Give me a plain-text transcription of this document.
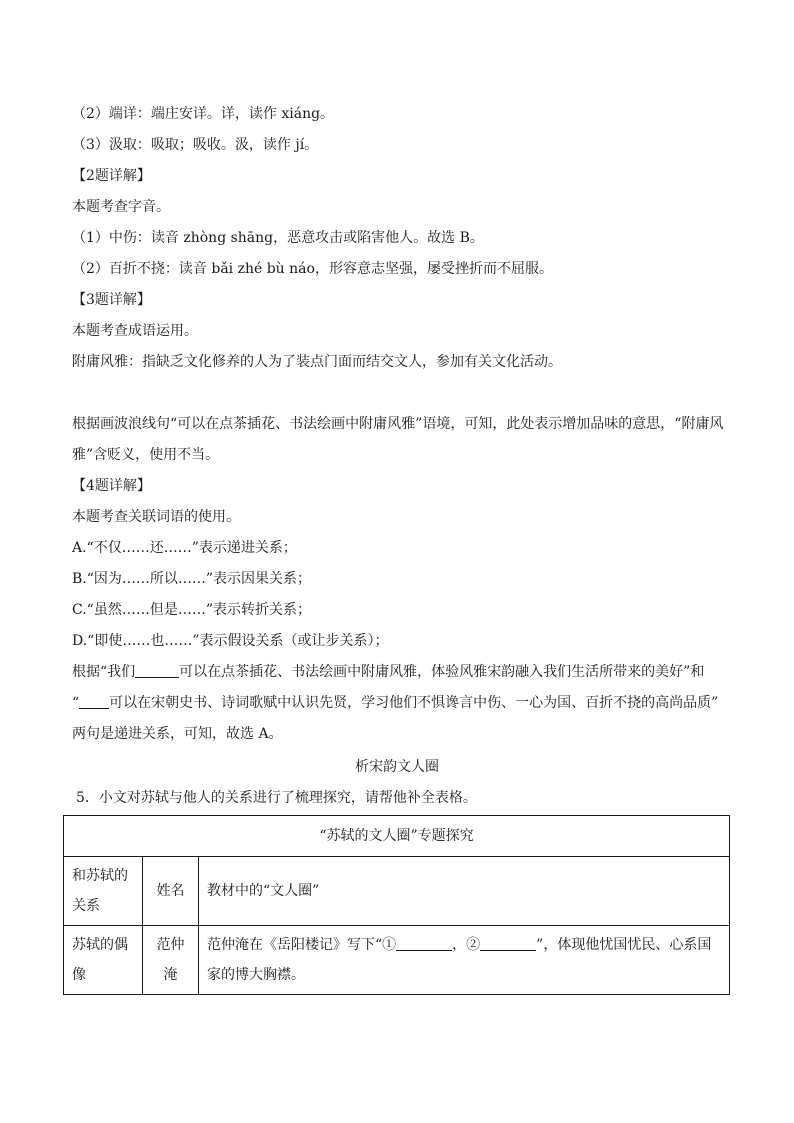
（2）端详：端庄安详。详，读作 xiáng。
（3）汲取：吸取；吸收。汲，读作 jí。
【2题详解】
本题考查字音。
（1）中伤：读音 zhòng shāng，恶意攻击或陷害他人。故选 B。
（2）百折不挠：读音 bǎi zhé bù náo，形容意志坚强，屡受挫折而不屈服。
【3题详解】
本题考查成语运用。
附庸风雅：指缺乏文化修养的人为了装点门面而结交文人，参加有关文化活动。
根据画波浪线句“可以在点茶插花、书法绘画中附庸风雅”语境，可知，此处表示增加品味的意思，“附庸风雅”含贬义，使用不当。
【4题详解】
本题考查关联词语的使用。
A.“不仅……还……”表示递进关系；
B.“因为……所以……”表示因果关系；
C.“虽然……但是……”表示转折关系；
D.“即使……也……”表示假设关系（或让步关系）；
根据“我们	可以在点茶插花、书法绘画中附庸风雅，体验风雅宋韵融入我们生活所带来的美好”和
“ 可以在宋朝史书、诗词歌赋中认识先贤，学习他们不惧谗言中伤、一心为国、百折不挠的高尚品质”
两句是递进关系，可知，故选 A。
析宋韵文人圈
5．小文对苏轼与他人的关系进行了梳理探究，请帮他补全表格。
“苏轼的文人圈”专题探究		
和苏轼的关系	姓名	教材中的“文人圈”
苏轼的偶像	范仲淹	范仲淹在《岳阳楼记》写下“① ，② ”，体现他忧国忧民、心系国家的博大胸襟。
